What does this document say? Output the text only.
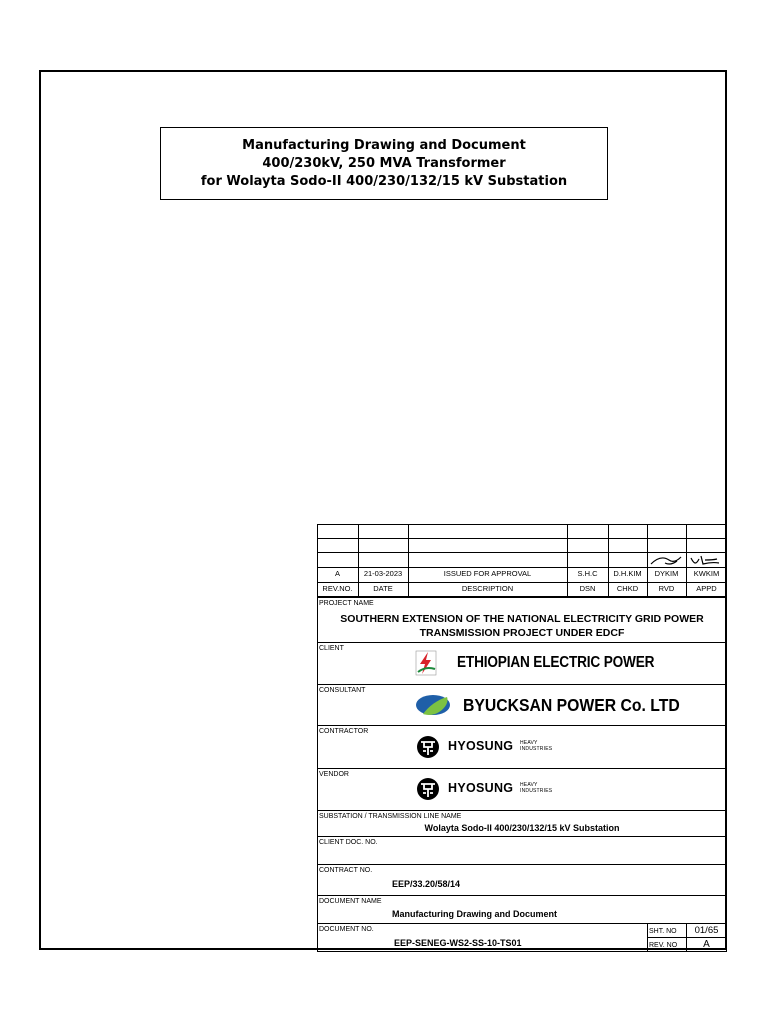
Manufacturing Drawing and Document
400/230kV, 250 MVA Transformer
for Wolayta Sodo-II 400/230/132/15 kV Substation
A	21-03-2023	ISSUED FOR APPROVAL	S.H.C	D.H.KIM	DYKIM	KWKIM
REV.NO.	DATE	DESCRIPTION	DSN	CHKD	RVD	APPD
PROJECT NAME
SOUTHERN EXTENSION OF THE NATIONAL ELECTRICITY GRID POWER
TRANSMISSION PROJECT UNDER EDCF
CLIENT
ETHIOPIAN ELECTRIC POWER
CONSULTANT
BYUCKSAN POWER Co. LTD
CONTRACTOR
HYOSUNG HEAVY
INDUSTRIES
VENDOR
HYOSUNG HEAVY
INDUSTRIES
SUBSTATION / TRANSMISSION LINE NAME
Wolayta Sodo-II 400/230/132/15 kV Substation
CLIENT DOC. NO.
CONTRACT NO.
EEP/33.20/58/14
DOCUMENT NAME
Manufacturing Drawing and Document
DOCUMENT NO.
EEP-SENEG-WS2-SS-10-TS01
SHT. NO	01/65
REV. NO	A
